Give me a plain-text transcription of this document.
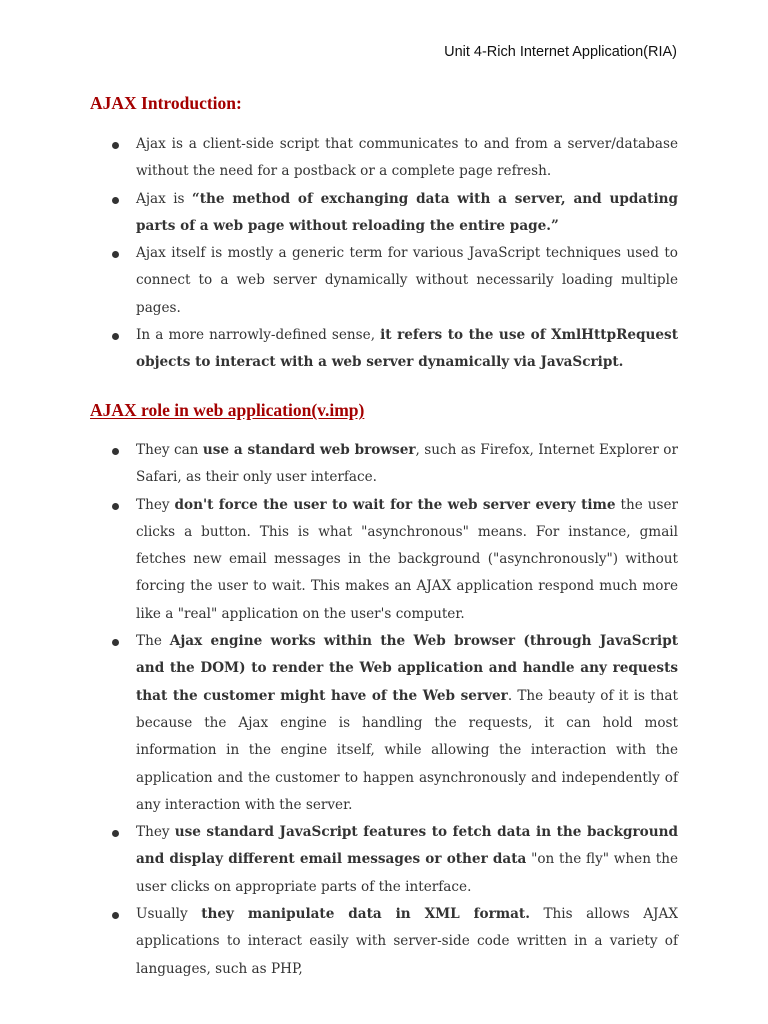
Unit 4-Rich Internet Application(RIA)
AJAX Introduction:
Ajax is a client-side script that communicates to and from a server/database without the need for a postback or a complete page refresh.
Ajax is “the method of exchanging data with a server, and updating parts of a web page without reloading the entire page.”
Ajax itself is mostly a generic term for various JavaScript techniques used to connect to a web server dynamically without necessarily loading multiple pages.
In a more narrowly-defined sense, it refers to the use of XmlHttpRequest objects to interact with a web server dynamically via JavaScript.
AJAX role in web application(v.imp)
They can use a standard web browser, such as Firefox, Internet Explorer or Safari, as their only user interface.
They don't force the user to wait for the web server every time the user clicks a button. This is what "asynchronous" means. For instance, gmail fetches new email messages in the background ("asynchronously") without forcing the user to wait. This makes an AJAX application respond much more like a "real" application on the user's computer.
The Ajax engine works within the Web browser (through JavaScript and the DOM) to render the Web application and handle any requests that the customer might have of the Web server. The beauty of it is that because the Ajax engine is handling the requests, it can hold most information in the engine itself, while allowing the interaction with the application and the customer to happen asynchronously and independently of any interaction with the server.
They use standard JavaScript features to fetch data in the background and display different email messages or other data "on the fly" when the user clicks on appropriate parts of the interface.
Usually they manipulate data in XML format. This allows AJAX applications to interact easily with server-side code written in a variety of languages, such as PHP,
